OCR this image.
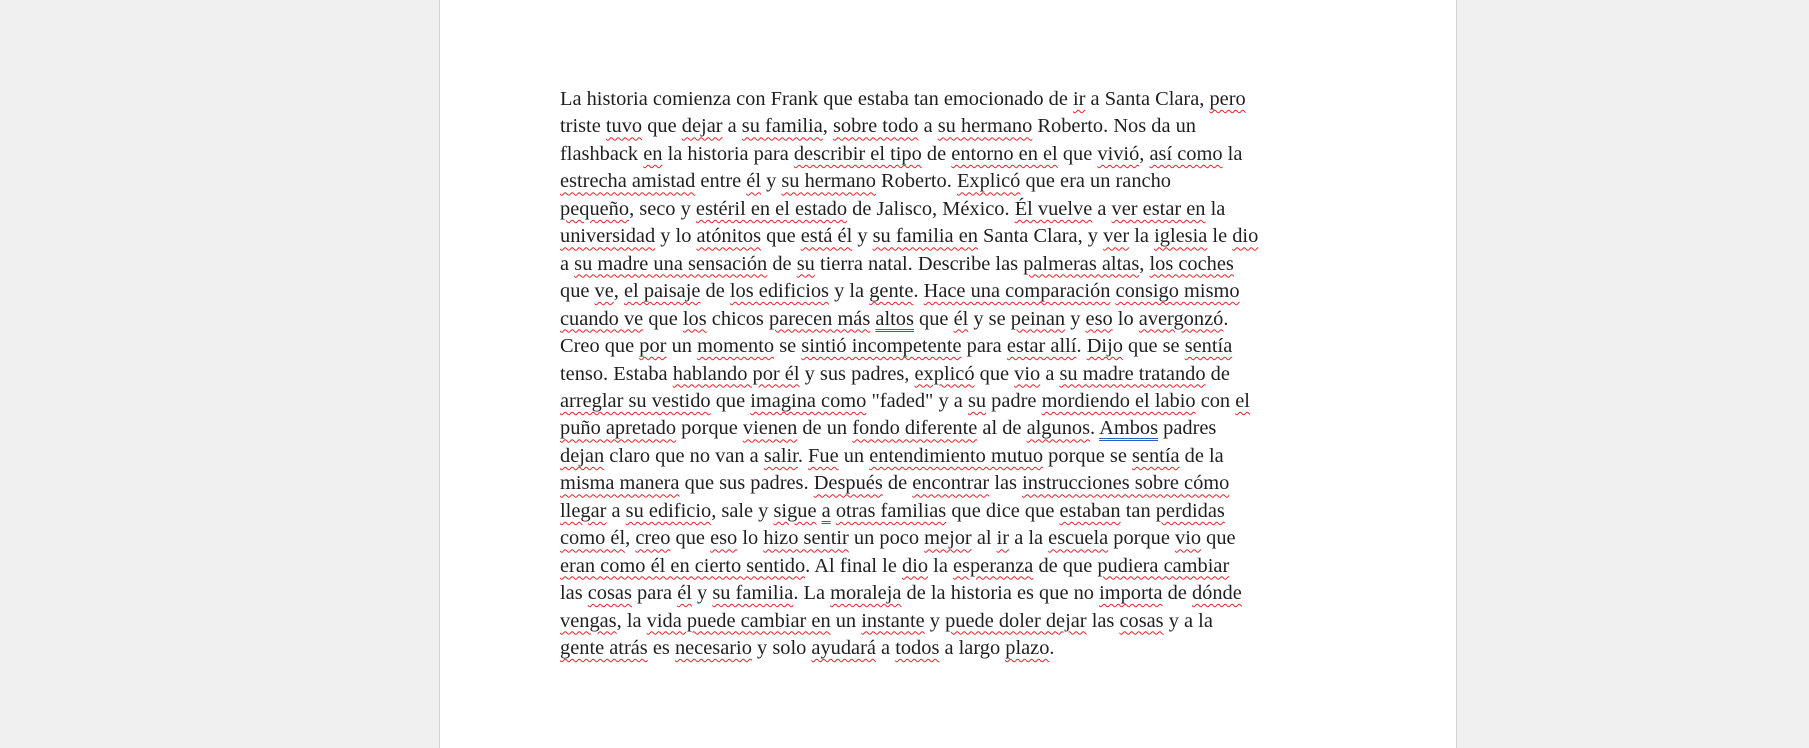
La historia comienza con Frank que estaba tan emocionado de ir a Santa Clara, pero
triste tuvo que dejar a su familia, sobre todo a su hermano Roberto. Nos da un
flashback en la historia para describir el tipo de entorno en el que vivió, así como la
estrecha amistad entre él y su hermano Roberto. Explicó que era un rancho
pequeño, seco y estéril en el estado de Jalisco, México. Él vuelve a ver estar en la
universidad y lo atónitos que está él y su familia en Santa Clara, y ver la iglesia le dio
a su madre una sensación de su tierra natal. Describe las palmeras altas, los coches
que ve, el paisaje de los edificios y la gente. Hace una comparación consigo mismo
cuando ve que los chicos parecen más altos que él y se peinan y eso lo avergonzó.
Creo que por un momento se sintió incompetente para estar allí. Dijo que se sentía
tenso. Estaba hablando por él y sus padres, explicó que vio a su madre tratando de
arreglar su vestido que imagina como "faded" y a su padre mordiendo el labio con el
puño apretado porque vienen de un fondo diferente al de algunos. Ambos padres
dejan claro que no van a salir. Fue un entendimiento mutuo porque se sentía de la
misma manera que sus padres. Después de encontrar las instrucciones sobre cómo
llegar a su edificio, sale y sigue a otras familias que dice que estaban tan perdidas
como él, creo que eso lo hizo sentir un poco mejor al ir a la escuela porque vio que
eran como él en cierto sentido. Al final le dio la esperanza de que pudiera cambiar
las cosas para él y su familia. La moraleja de la historia es que no importa de dónde
vengas, la vida puede cambiar en un instante y puede doler dejar las cosas y a la
gente atrás es necesario y solo ayudará a todos a largo plazo.
